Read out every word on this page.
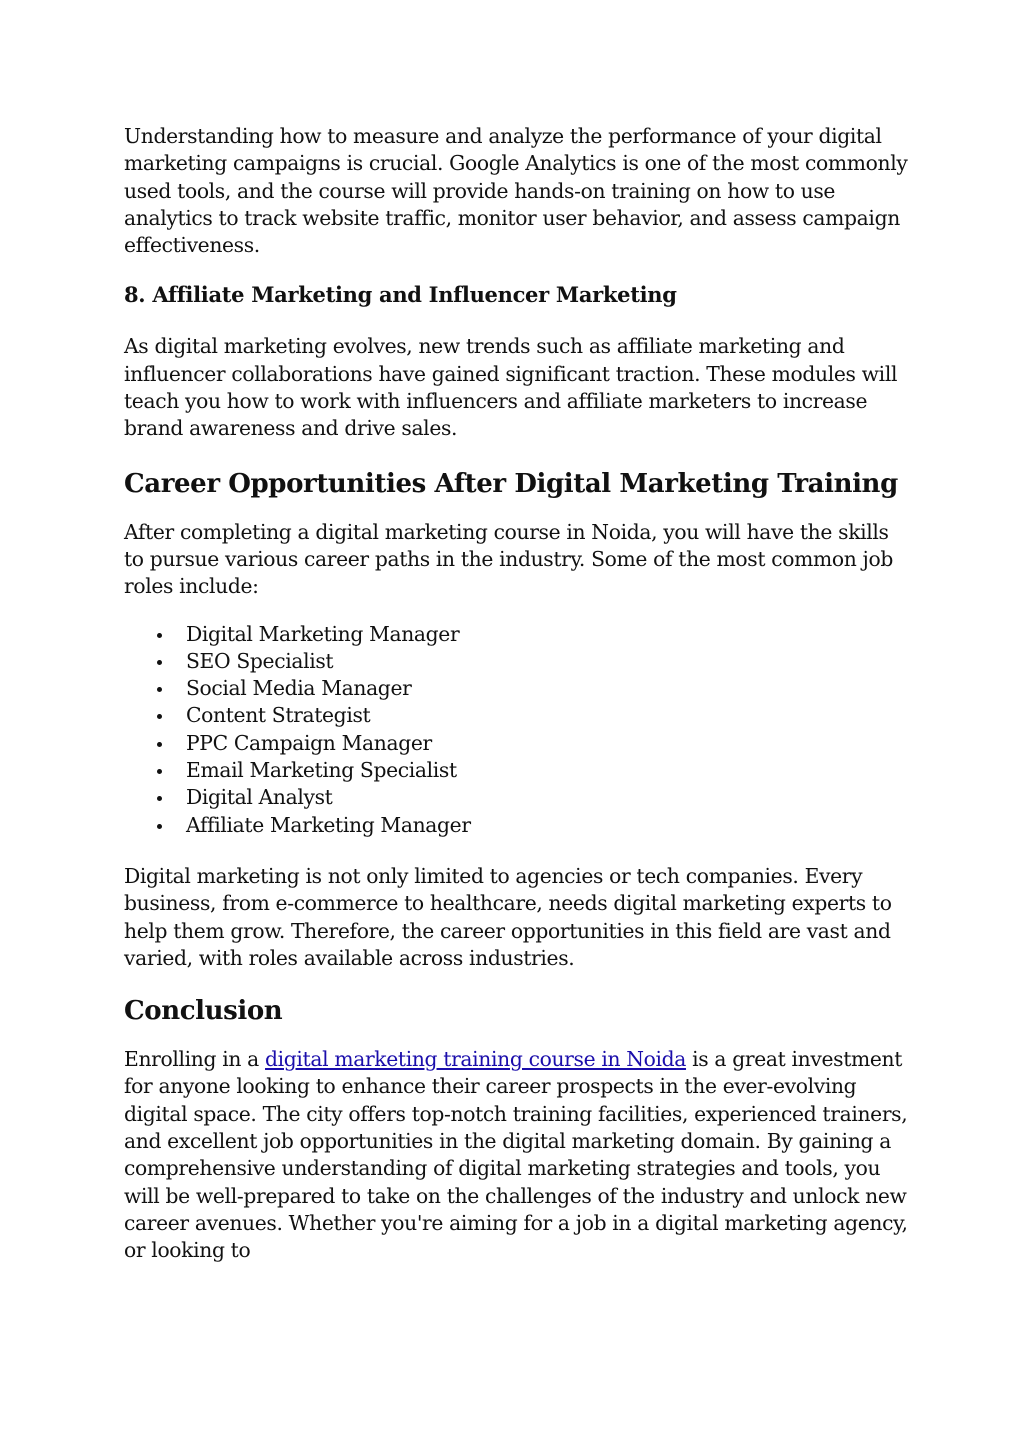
Understanding how to measure and analyze the performance of your digital marketing campaigns is crucial. Google Analytics is one of the most commonly used tools, and the course will provide hands-on training on how to use analytics to track website traffic, monitor user behavior, and assess campaign effectiveness.

8. Affiliate Marketing and Influencer Marketing

As digital marketing evolves, new trends such as affiliate marketing and influencer collaborations have gained significant traction. These modules will teach you how to work with influencers and affiliate marketers to increase brand awareness and drive sales.

Career Opportunities After Digital Marketing Training

After completing a digital marketing course in Noida, you will have the skills to pursue various career paths in the industry. Some of the most common job roles include:

Digital Marketing Manager
SEO Specialist
Social Media Manager
Content Strategist
PPC Campaign Manager
Email Marketing Specialist
Digital Analyst
Affiliate Marketing Manager

Digital marketing is not only limited to agencies or tech companies. Every business, from e-commerce to healthcare, needs digital marketing experts to help them grow. Therefore, the career opportunities in this field are vast and varied, with roles available across industries.

Conclusion

Enrolling in a digital marketing training course in Noida is a great investment for anyone looking to enhance their career prospects in the ever-evolving digital space. The city offers top-notch training facilities, experienced trainers, and excellent job opportunities in the digital marketing domain. By gaining a comprehensive understanding of digital marketing strategies and tools, you will be well-prepared to take on the challenges of the industry and unlock new career avenues. Whether you're aiming for a job in a digital marketing agency, or looking to
